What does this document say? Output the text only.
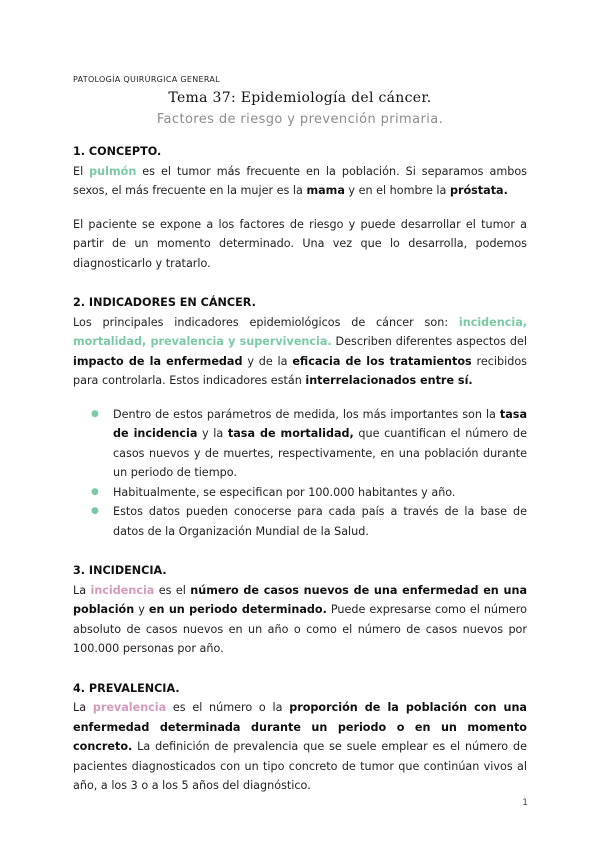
PATOLOGÍA QUIRÚRGICA GENERAL
Tema 37: Epidemiología del cáncer.
Factores de riesgo y prevención primaria.
1. CONCEPTO.

El pulmón es el tumor más frecuente en la población. Si separamos ambos sexos, el más frecuente en la mujer es la mama y en el hombre la próstata.

El paciente se expone a los factores de riesgo y puede desarrollar el tumor a partir de un momento determinado. Una vez que lo desarrolla, podemos diagnosticarlo y tratarlo.

2. INDICADORES EN CÁNCER.

Los principales indicadores epidemiológicos de cáncer son: incidencia, mortalidad, prevalencia y supervivencia. Describen diferentes aspectos del impacto de la enfermedad y de la eficacia de los tratamientos recibidos para controlarla. Estos indicadores están interrelacionados entre sí.

● Dentro de estos parámetros de medida, los más importantes son la tasa de incidencia y la tasa de mortalidad, que cuantifican el número de casos nuevos y de muertes, respectivamente, en una población durante un periodo de tiempo.
● Habitualmente, se especifican por 100.000 habitantes y año.
● Estos datos pueden conocerse para cada país a través de la base de datos de la Organización Mundial de la Salud.
3. INCIDENCIA.

La incidencia es el número de casos nuevos de una enfermedad en una población y en un periodo determinado. Puede expresarse como el número absoluto de casos nuevos en un año o como el número de casos nuevos por 100.000 personas por año.

4. PREVALENCIA.

La prevalencia es el número o la proporción de la población con una enfermedad determinada durante un periodo o en un momento concreto. La definición de prevalencia que se suele emplear es el número de pacientes diagnosticados con un tipo concreto de tumor que continúan vivos al año, a los 3 o a los 5 años del diagnóstico.

1
